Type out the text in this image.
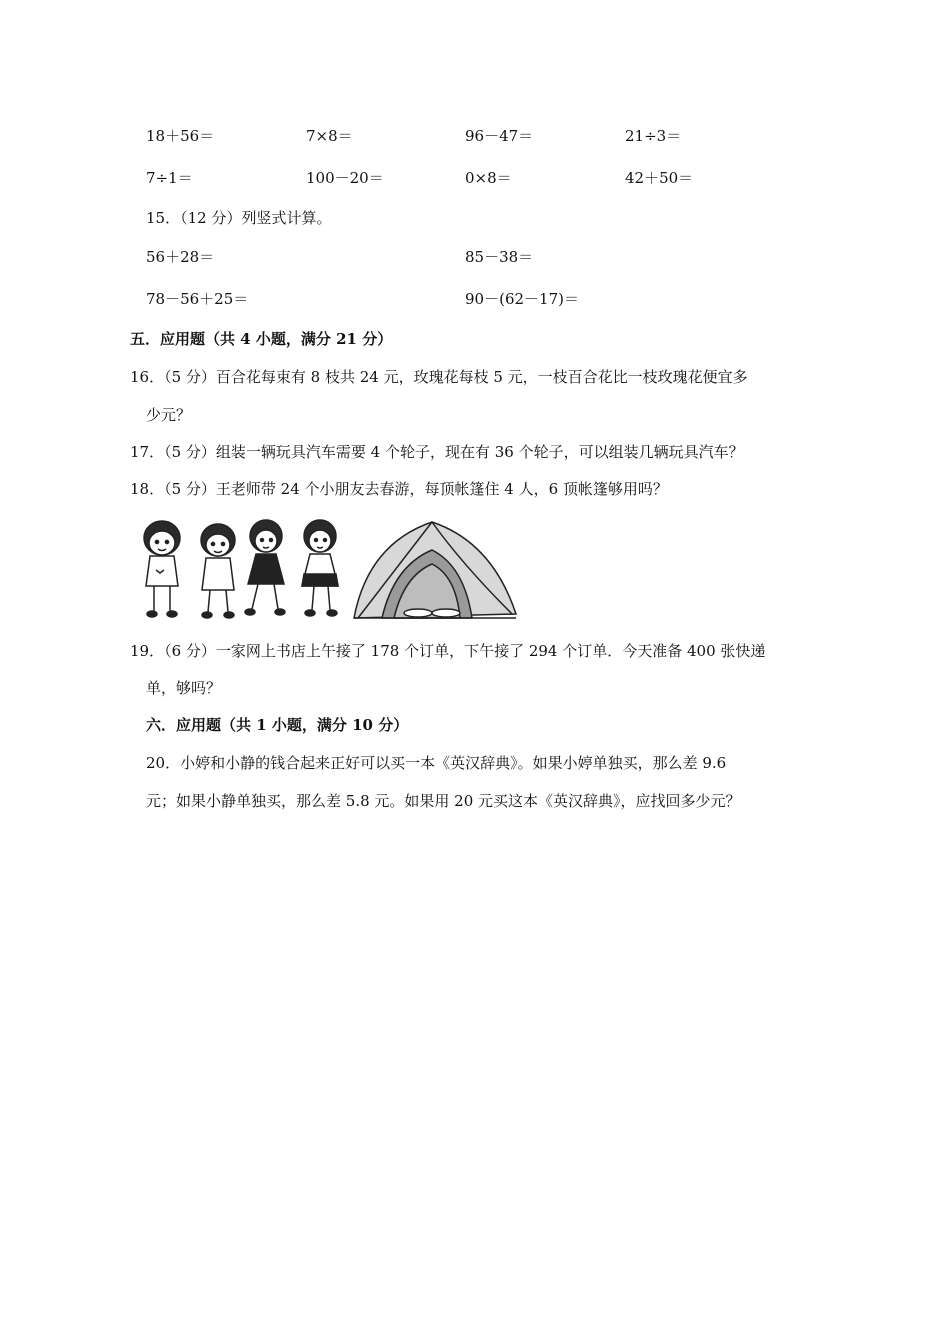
18＋56＝	7×8＝	96－47＝	21÷3＝
7÷1＝	100－20＝	0×8＝	42＋50＝
15．（12 分）列竖式计算。
56＋28＝	85－38＝
78－56＋25＝	90－(62－17)＝
五．应用题（共 4 小题，满分 21 分）
16．（5 分）百合花每束有 8 枝共 24 元，玫瑰花每枝 5 元，一枝百合花比一枝玫瑰花便宜多
少元？
17．（5 分）组装一辆玩具汽车需要 4 个轮子，现在有 36 个轮子，可以组装几辆玩具汽车？
18．（5 分）王老师带 24 个小朋友去春游，每顶帐篷住 4 人，6 顶帐篷够用吗？
19．（6 分）一家网上书店上午接了 178 个订单，下午接了 294 个订单．今天准备 400 张快递
单，够吗？
六．应用题（共 1 小题，满分 10 分）
20．小婷和小静的钱合起来正好可以买一本《英汉辞典》。如果小婷单独买，那么差 9.6
元；如果小静单独买，那么差 5.8 元。如果用 20 元买这本《英汉辞典》，应找回多少元？
